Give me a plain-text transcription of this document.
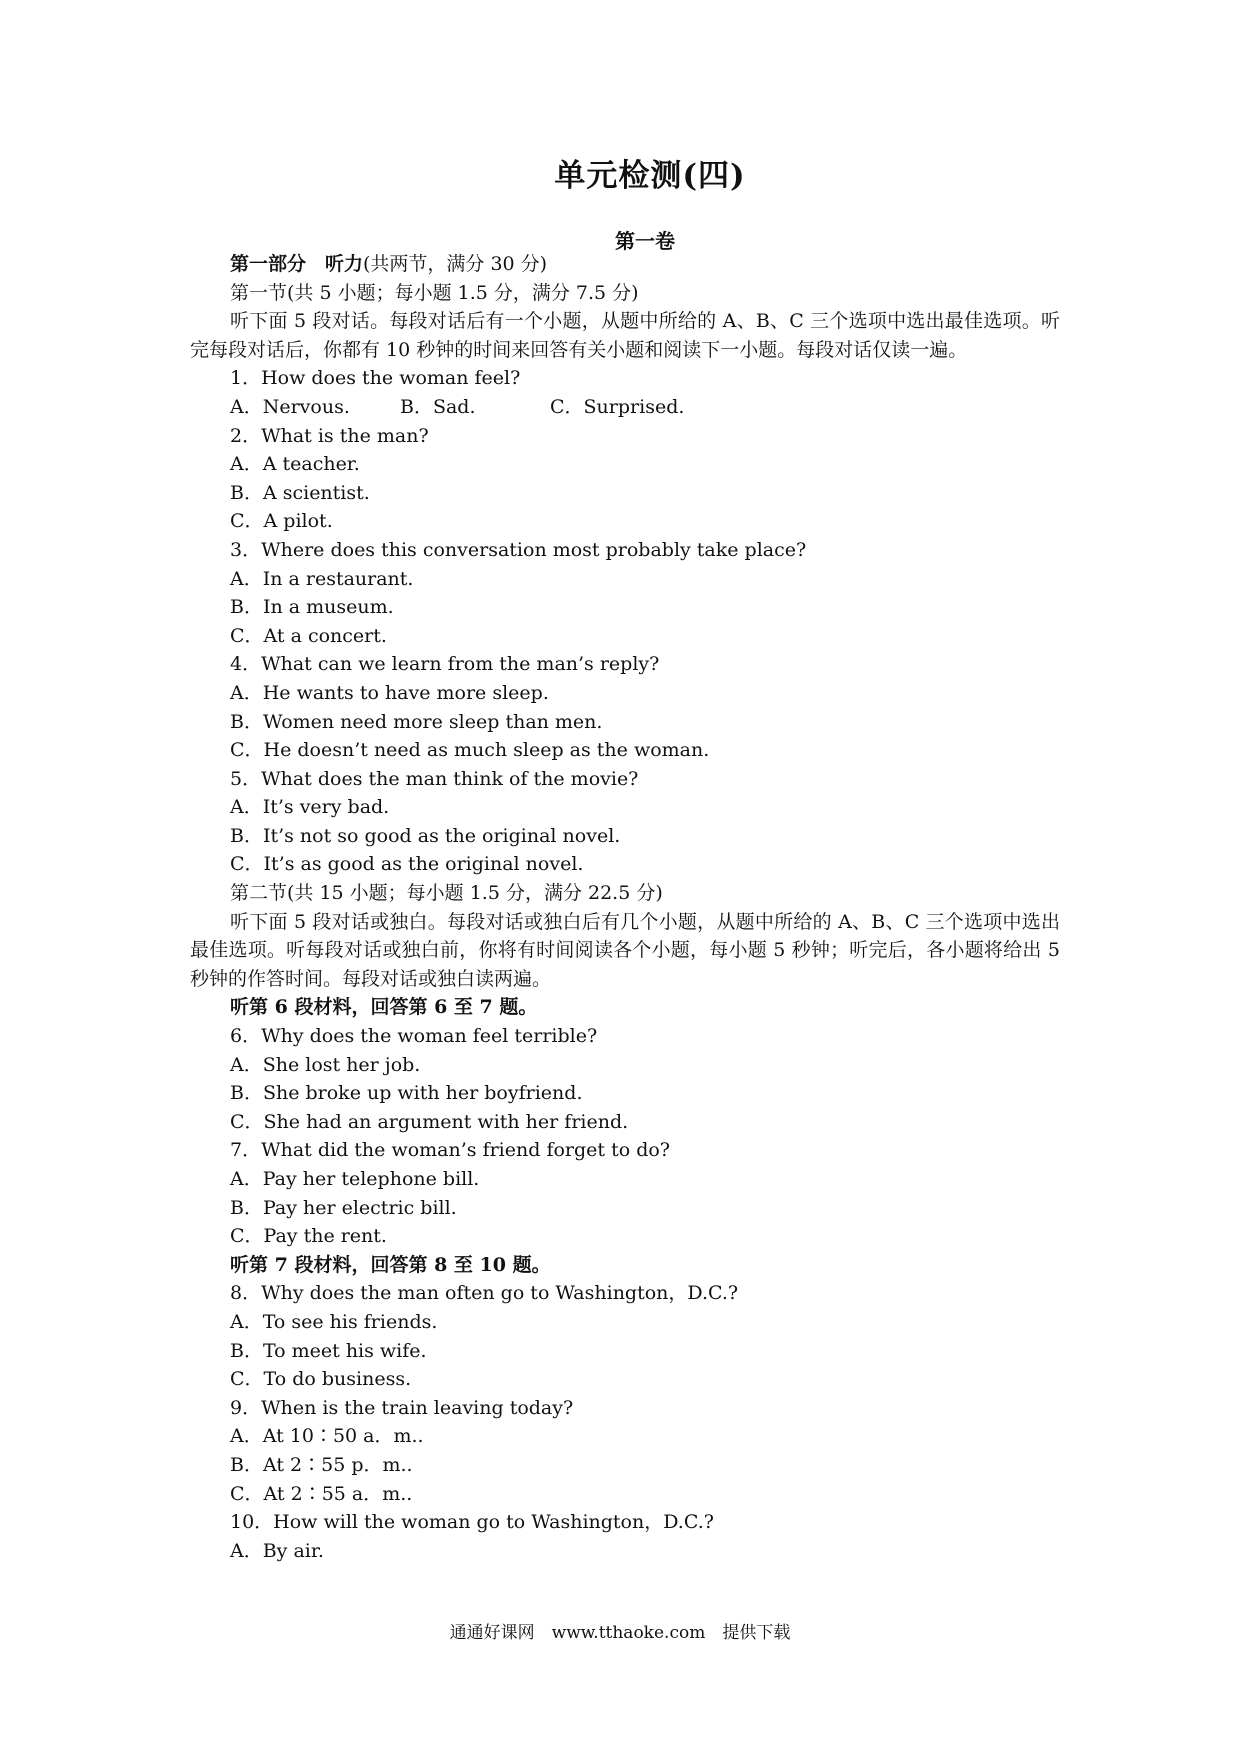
单元检测(四)
第一卷

第一部分　听力(共两节，满分 30 分)

第一节(共 5 小题；每小题 1.5 分，满分 7.5 分)

听下面 5 段对话。每段对话后有一个小题，从题中所给的 A、B、C 三个选项中选出最佳选项。听完每段对话后，你都有 10 秒钟的时间来回答有关小题和阅读下一小题。每段对话仅读一遍。

1．How does the woman feel?

A．Nervous.	B．Sad.	C．Surprised.

2．What is the man?

A．A teacher.

B．A scientist.

C．A pilot.

3．Where does this conversation most probably take place?

A．In a restaurant.

B．In a museum.

C．At a concert.

4．What can we learn from the man’s reply?

A．He wants to have more sleep.

B．Women need more sleep than men.

C．He doesn’t need as much sleep as the woman.

5．What does the man think of the movie?

A．It’s very bad.

B．It’s not so good as the original novel.

C．It’s as good as the original novel.

第二节(共 15 小题；每小题 1.5 分，满分 22.5 分)

听下面 5 段对话或独白。每段对话或独白后有几个小题，从题中所给的 A、B、C 三个选项中选出最佳选项。听每段对话或独白前，你将有时间阅读各个小题，每小题 5 秒钟；听完后，各小题将给出 5 秒钟的作答时间。每段对话或独白读两遍。

听第 6 段材料，回答第 6 至 7 题。

6．Why does the woman feel terrible?

A．She lost her job.

B．She broke up with her boyfriend.

C．She had an argument with her friend.

7．What did the woman’s friend forget to do?

A．Pay her telephone bill.

B．Pay her electric bill.

C．Pay the rent.

听第 7 段材料，回答第 8 至 10 题。

8．Why does the man often go to Washington，D.C.?

A．To see his friends.

B．To meet his wife.

C．To do business.

9．When is the train leaving today?

A．At 10∶50 a．m..

B．At 2∶55 p．m..

C．At 2∶55 a．m..

10．How will the woman go to Washington，D.C.?

A．By air.

通通好课网　www.tthaoke.com　提供下载
